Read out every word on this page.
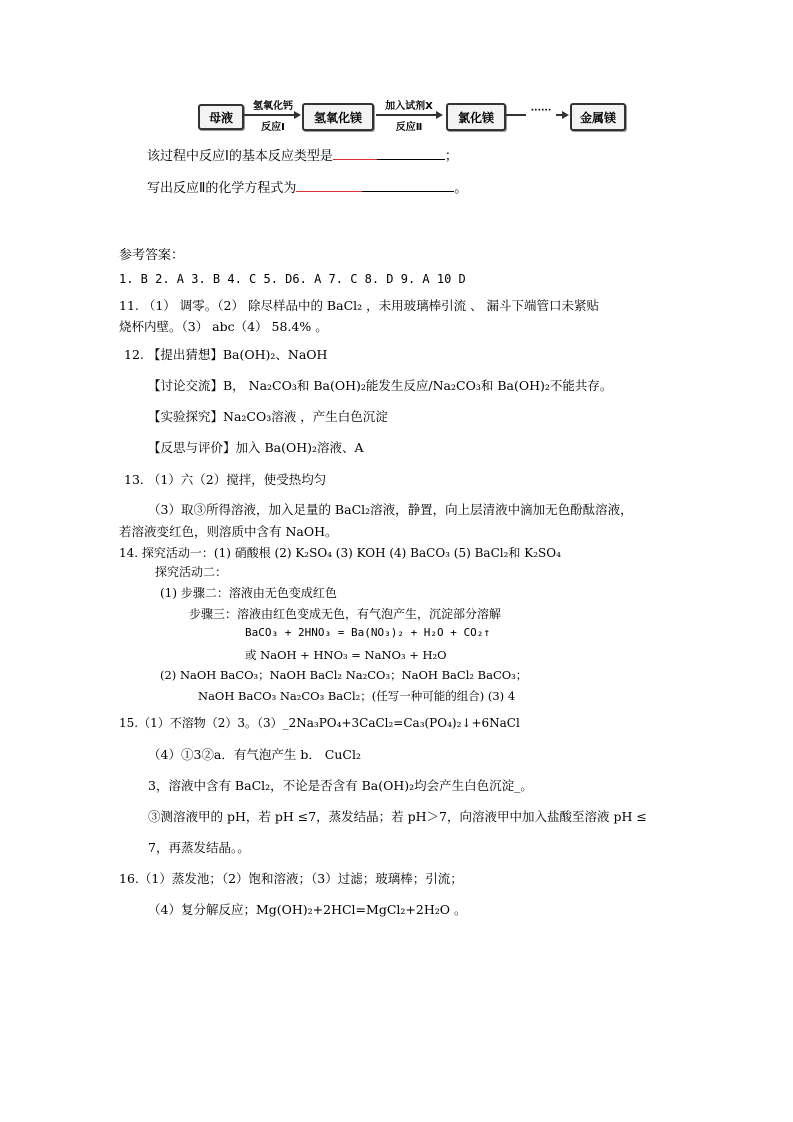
母液
氢氧化钙
反应Ⅰ
氢氧化镁
加入试剂X
反应Ⅱ
氯化镁	······	金属镁
该过程中反应Ⅰ的基本反应类型是	；
写出反应Ⅱ的化学方程式为	。
参考答案：
1. B 2. A 3. B 4. C 5. D6. A 7. C 8. D 9. A 10 D
11. （1） 调零。（2） 除尽样品中的 BaCl₂ ，未用玻璃棒引流 、 漏斗下端管口未紧贴
烧杯内壁。（3） abc（4） 58.4% 。
12. 【提出猜想】Ba(OH)₂、NaOH
【讨论交流】B， Na₂CO₃和 Ba(OH)₂能发生反应/Na₂CO₃和 Ba(OH)₂不能共存。
【实验探究】Na₂CO₃溶液 ，产生白色沉淀
【反思与评价】加入 Ba(OH)₂溶液、A
13. （1）六（2）搅拌，使受热均匀
（3）取③所得溶液，加入足量的 BaCl₂溶液，静置，向上层清液中滴加无色酚酞溶液，
若溶液变红色，则溶质中含有 NaOH。
14. 探究活动一：(1) 硝酸根 (2) K₂SO₄ (3) KOH (4) BaCO₃ (5) BaCl₂和 K₂SO₄
探究活动二：
(1) 步骤二：溶液由无色变成红色
步骤三：溶液由红色变成无色，有气泡产生，沉淀部分溶解
BaCO₃ + 2HNO₃ = Ba(NO₃)₂ + H₂O + CO₂↑
或 NaOH + HNO₃ = NaNO₃ + H₂O
(2) NaOH BaCO₃；NaOH BaCl₂ Na₂CO₃；NaOH BaCl₂ BaCO₃；
NaOH BaCO₃ Na₂CO₃ BaCl₂；(任写一种可能的组合) (3) 4
15.（1）不溶物（2）3。（3）_2Na₃PO₄+3CaCl₂=Ca₃(PO₄)₂↓+6NaCl
（4）①3②a．有气泡产生 b． CuCl₂
3，溶液中含有 BaCl₂，不论是否含有 Ba(OH)₂均会产生白色沉淀_。
③测溶液甲的 pH，若 pH ≤7，蒸发结晶；若 pH＞7，向溶液甲中加入盐酸至溶液 pH ≤
7，再蒸发结晶。。
16.（1）蒸发池；（2）饱和溶液；（3）过滤；玻璃棒；引流；
（4）复分解反应；Mg(OH)₂+2HCl=MgCl₂+2H₂O 。
